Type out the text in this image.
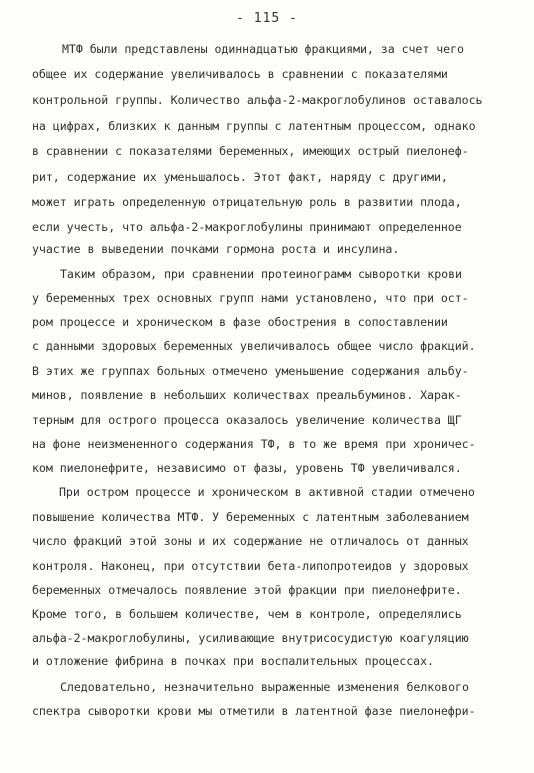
- 115 -
МТФ были представлены одиннадцатью фракциями, за счет чего
общее их содержание увеличивалось в сравнении с показателями
контрольной группы. Количество альфа-2-макроглобулинов оставалось
на цифрах, близких к данным группы с латентным процессом, однако
в сравнении с показателями беременных, имеющих острый пиелонеф-
рит, содержание их уменьшалось. Этот факт, наряду с другими,
может играть определенную отрицательную роль в развитии плода,
если учесть, что альфа-2-макроглобулины принимают определенное
участие в выведении почками гормона роста и инсулина.
Таким образом, при сравнении протеинограмм сыворотки крови
у беременных трех основных групп нами установлено, что при ост-
ром процессе и хроническом в фазе обострения в сопоставлении
с данными здоровых беременных увеличивалось общее число фракций.
В этих же группах больных отмечено уменьшение содержания альбу-
минов, появление в небольших количествах преальбуминов. Харак-
терным для острого процесса оказалось увеличение количества ЩГ
на фоне неизмененного содержания ТФ, в то же время при хроничес-
ком пиелонефрите, независимо от фазы, уровень ТФ увеличивался.
При остром процессе и хроническом в активной стадии отмечено
повышение количества МТФ. У беременных с латентным заболеванием
число фракций этой зоны и их содержание не отличалось от данных
контроля. Наконец, при отсутствии бета-липопротеидов у здоровых
беременных отмечалось появление этой фракции при пиелонефрите.
Кроме того, в большем количестве, чем в контроле, определялись
альфа-2-макроглобулины, усиливающие внутрисосудистую коагуляцию
и отложение фибрина в почках при воспалительных процессах.
Следовательно, незначительно выраженные изменения белкового
спектра сыворотки крови мы отметили в латентной фазе пиелонефри-
